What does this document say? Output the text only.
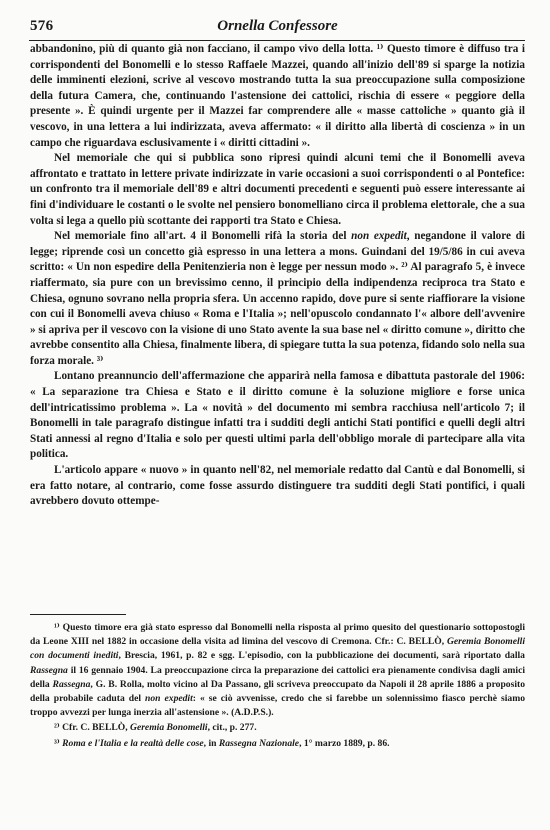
576	Ornella Confessore

abbandonino, più di quanto già non facciano, il campo vivo della lotta. ¹⁾ Questo timore è diffuso tra i corrispondenti del Bonomelli e lo stesso Raffaele Mazzei, quando all'inizio dell'89 si sparge la notizia delle imminenti elezioni, scrive al vescovo mostrando tutta la sua preoccupazione sulla composizione della futura Camera, che, continuando l'astensione dei cattolici, rischia di essere « peggiore della presente ». È quindi urgente per il Mazzei far comprendere alle « masse cattoliche » quanto già il vescovo, in una lettera a lui indirizzata, aveva affermato: « il diritto alla libertà di coscienza » in un campo che riguardava esclusivamente i « diritti cittadini ».

Nel memoriale che qui si pubblica sono ripresi quindi alcuni temi che il Bonomelli aveva affrontato e trattato in lettere private indirizzate in varie occasioni a suoi corrispondenti o al Pontefice: un confronto tra il memoriale dell'89 e altri documenti precedenti e seguenti può essere interessante ai fini d'individuare le costanti o le svolte nel pensiero bonomelliano circa il problema elettorale, che a sua volta si lega a quello più scottante dei rapporti tra Stato e Chiesa.

Nel memoriale fino all'art. 4 il Bonomelli rifà la storia del non expedit, negandone il valore di legge; riprende così un concetto già espresso in una lettera a mons. Guindani del 19/5/86 in cui aveva scritto: « Un non espedire della Penitenzieria non è legge per nessun modo ». ²⁾ Al paragrafo 5, è invece riaffermato, sia pure con un brevissimo cenno, il principio della indipendenza reciproca tra Stato e Chiesa, ognuno sovrano nella propria sfera. Un accenno rapido, dove pure si sente riaffiorare la visione con cui il Bonomelli aveva chiuso « Roma e l'Italia »; nell'opuscolo condannato l'« albore dell'avvenire » si apriva per il vescovo con la visione di uno Stato avente la sua base nel « diritto comune », diritto che avrebbe consentito alla Chiesa, finalmente libera, di spiegare tutta la sua potenza, fidando solo nella sua forza morale. ³⁾

Lontano preannuncio dell'affermazione che apparirà nella famosa e dibattuta pastorale del 1906: « La separazione tra Chiesa e Stato e il diritto comune è la soluzione migliore e forse unica dell'intricatissimo problema ». La « novità » del documento mi sembra racchiusa nell'articolo 7; il Bonomelli in tale paragrafo distingue infatti tra i sudditi degli antichi Stati pontifici e quelli degli altri Stati annessi al regno d'Italia e solo per questi ultimi parla dell'obbligo morale di partecipare alla vita politica.

L'articolo appare « nuovo » in quanto nell'82, nel memoriale redatto dal Cantù e dal Bonomelli, si era fatto notare, al contrario, come fosse assurdo distinguere tra sudditi degli Stati pontifici, i quali avrebbero dovuto ottempe-

¹⁾ Questo timore era già stato espresso dal Bonomelli nella risposta al primo quesito del questionario sottopostogli da Leone XIII nel 1882 in occasione della visita ad limina del vescovo di Cremona. Cfr.: C. BELLÒ, Geremia Bonomelli con documenti inediti, Brescia, 1961, p. 82 e sgg. L'episodio, con la pubblicazione dei documenti, sarà riportato dalla Rassegna il 16 gennaio 1904. La preoccupazione circa la preparazione dei cattolici era pienamente condivisa dagli amici della Rassegna, G. B. Rolla, molto vicino al Da Passano, gli scriveva preoccupato da Napoli il 28 aprile 1886 a proposito della probabile caduta del non expedit: « se ciò avvenisse, credo che si farebbe un solennissimo fiasco perchè siamo troppo avvezzi per lunga inerzia all'astensione ». (A.D.P.S.).

²⁾ Cfr. C. BELLÒ, Geremia Bonomelli, cit., p. 277.

³⁾ Roma e l'Italia e la realtà delle cose, in Rassegna Nazionale, 1° marzo 1889, p. 86.
